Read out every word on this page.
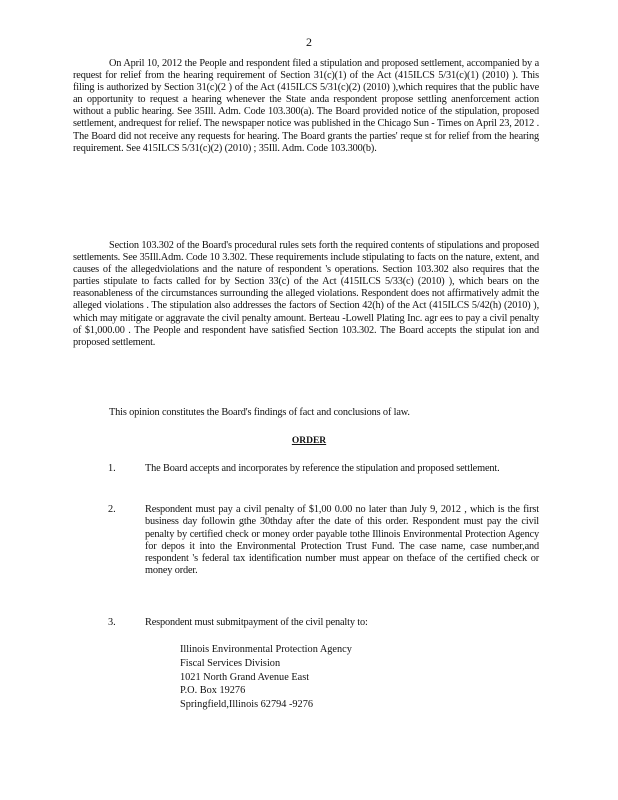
2

On April 10, 2012 the People and respondent filed a stipulation and proposed settlement, accompanied by a request for relief from the hearing requirement of Section 31(c)(1) of the Act (415ILCS 5/31(c)(1) (2010) ). This filing is authorized by Section 31(c)(2 ) of the Act (415ILCS 5/31(c)(2) (2010) ),which requires that the public have an opportunity to request a hearing whenever the State anda respondent propose settling anenforcement action without a public hearing. See 35Ill. Adm. Code 103.300(a). The Board provided notice of the stipulation, proposed settlement, andrequest for relief. The newspaper notice was published in the Chicago Sun - Times on April 23, 2012 . The Board did not receive any requests for hearing. The Board grants the parties' reque st for relief from the hearing requirement. See 415ILCS 5/31(c)(2) (2010) ; 35Ill. Adm. Code 103.300(b).

Section 103.302 of the Board's procedural rules sets forth the required contents of stipulations and proposed settlements. See 35Ill.Adm. Code 10 3.302. These requirements include stipulating to facts on the nature, extent, and causes of the allegedviolations and the nature of respondent 's operations. Section 103.302 also requires that the parties stipulate to facts called for by Section 33(c) of the Act (415ILCS 5/33(c) (2010) ), which bears on the reasonableness of the circumstances surrounding the alleged violations. Respondent does not affirmatively admit the alleged violations . The stipulation also addresses the factors of Section 42(h) of the Act (415ILCS 5/42(h) (2010) ), which may mitigate or aggravate the civil penalty amount. Berteau -Lowell Plating Inc. agr ees to pay a civil penalty of $1,000.00 . The People and respondent have satisfied Section 103.302. The Board accepts the stipulat ion and proposed settlement.

This opinion constitutes the Board's findings of fact and conclusions of law.

ORDER
1.	The Board accepts and incorporates by reference the stipulation and proposed settlement.
2.	Respondent must pay a civil penalty of $1,00 0.00 no later than July 9, 2012 , which is the first business day followin gthe 30thday after the date of this order. Respondent must pay the civil penalty by certified check or money order payable tothe Illinois Environmental Protection Agency for depos it into the Environmental Protection Trust Fund. The case name, case number,and respondent 's federal tax identification number must appear on theface of the certified check or money order.
3.	Respondent must submitpayment of the civil penalty to:
Illinois Environmental Protection Agency
Fiscal Services Division
1021 North Grand Avenue East
P.O. Box 19276
Springfield,Illinois 62794 -9276
